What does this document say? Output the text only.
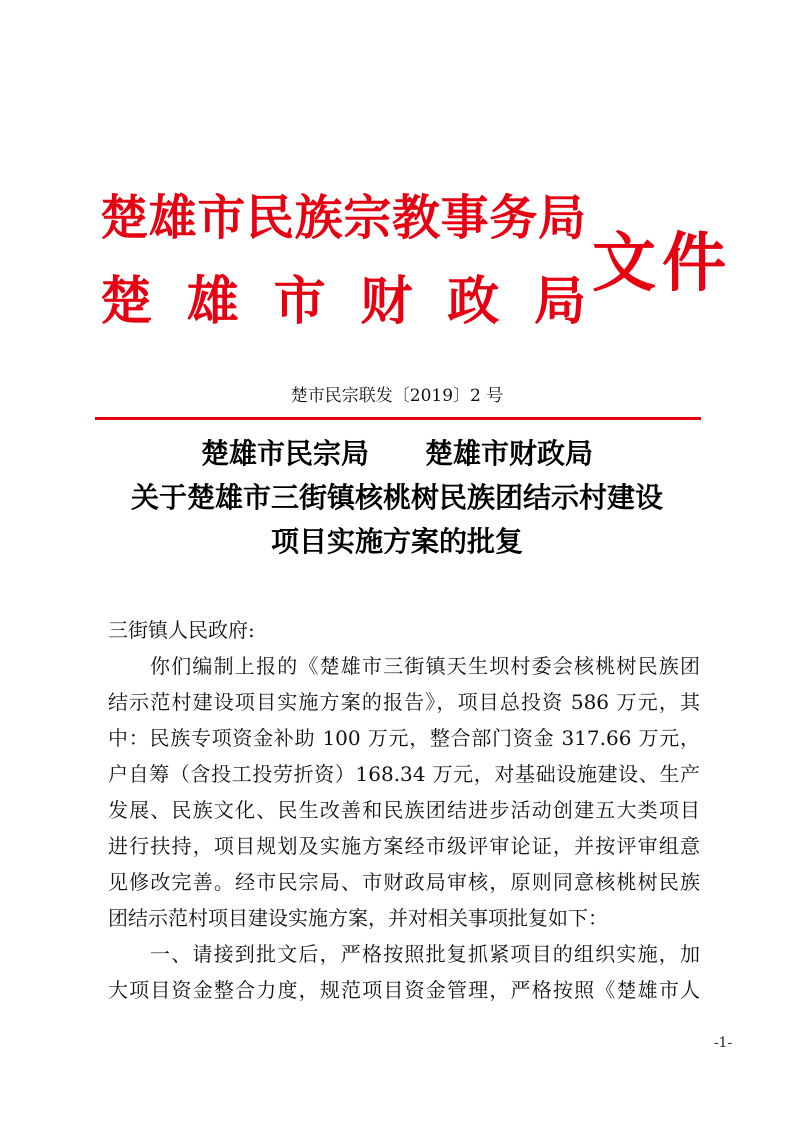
楚雄市民族宗教事务局
楚 雄 市 财 政 局
文件
楚市民宗联发〔2019〕2 号
楚雄市民宗局　　楚雄市财政局
关于楚雄市三街镇核桃树民族团结示村建设
项目实施方案的批复
三街镇人民政府:
你们编制上报的《楚雄市三街镇天生坝村委会核桃树民族团
结示范村建设项目实施方案的报告》，项目总投资 586 万元，其
中：民族专项资金补助 100 万元，整合部门资金 317.66 万元，
户自筹（含投工投劳折资）168.34 万元，对基础设施建设、生产
发展、民族文化、民生改善和民族团结进步活动创建五大类项目
进行扶持，项目规划及实施方案经市级评审论证，并按评审组意
见修改完善。经市民宗局、市财政局审核，原则同意核桃树民族
团结示范村项目建设实施方案，并对相关事项批复如下：
一、请接到批文后，严格按照批复抓紧项目的组织实施，加
大项目资金整合力度，规范项目资金管理，严格按照《楚雄市人
-1-
